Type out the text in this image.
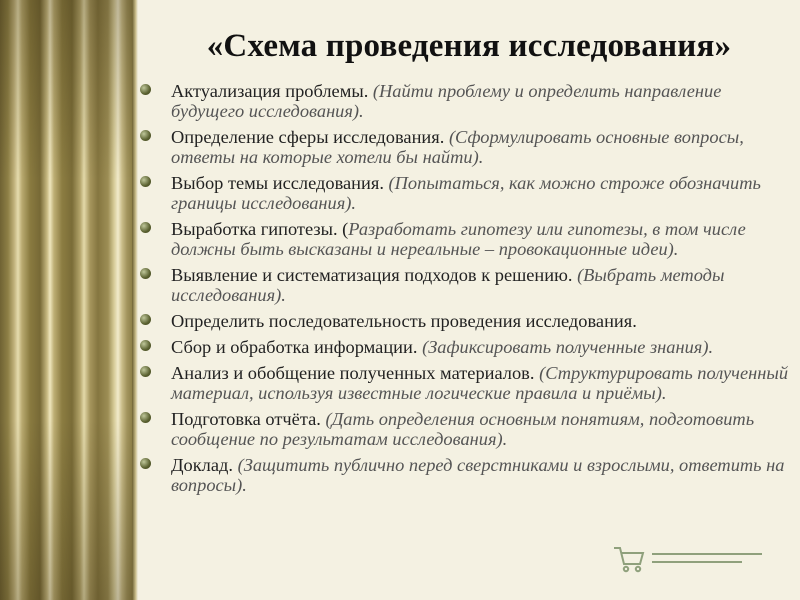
«Схема проведения исследования»
Актуализация проблемы. (Найти проблему и определить направление будущего исследования).
Определение сферы исследования. (Сформулировать основные вопросы, ответы на которые хотели бы найти).
Выбор темы исследования. (Попытаться, как можно строже обозначить границы исследования).
Выработка гипотезы. (Разработать гипотезу или гипотезы, в том числе должны быть высказаны и нереальные – провокационные идеи).
Выявление и систематизация подходов к решению. (Выбрать методы исследования).
Определить последовательность проведения исследования.
Сбор и обработка информации. (Зафиксировать полученные знания).
Анализ и обобщение полученных материалов. (Структурировать полученный материал, используя известные логические правила и приёмы).
Подготовка отчёта. (Дать определения основным понятиям, подготовить сообщение по результатам исследования).
Доклад. (Защитить публично перед сверстниками и взрослыми, ответить на вопросы).
